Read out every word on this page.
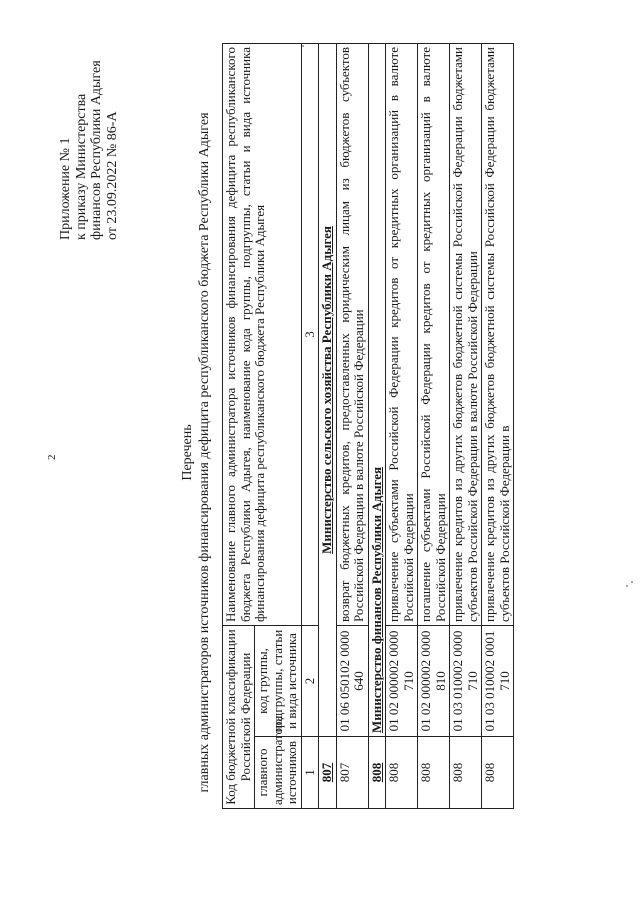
2
Приложение № 1 к приказу Министерства финансов Республики Адыгея от 23.09.2022 № 86-А
Перечень главных администраторов источников финансирования дефицита республиканского бюджета Республики Адыгея Код бюджетной классификации Российской Федерации		Наименование главного администратора источников финансирования дефицита республиканского бюджета Республики Адыгея, наименование кода группы, подгруппы, статьи и вида источника финансирования дефицита республиканского бюджета Республики Адыгея
главного администратора источников	код группы, подгруппы, статьи и вида источника	
1	2	3
807	Министерство сельского хозяйства Республики Адыгея	
807	01 06 050102 0000 640	возврат бюджетных кредитов, предоставленных юридическим лицам из бюджетов субъектов Российской Федерации в валюте Российской Федерации
808	Министерство финансов Республики Адыгея	
808	01 02 000002 0000 710	привлечение субъектами Российской Федерации кредитов от кредитных организаций в валюте Российской Федерации
808	01 02 000002 0000 810	погашение субъектами Российской Федерации кредитов от кредитных организаций в валюте Российской Федерации
808	01 03 010002 0000 710	привлечение кредитов из других бюджетов бюджетной системы Российской Федерации бюджетами субъектов Российской Федерации в валюте Российской Федерации
808	01 03 010002 0001 710	привлечение кредитов из других бюджетов бюджетной системы Российской Федерации бюджетами субъектов Российской Федерации в
